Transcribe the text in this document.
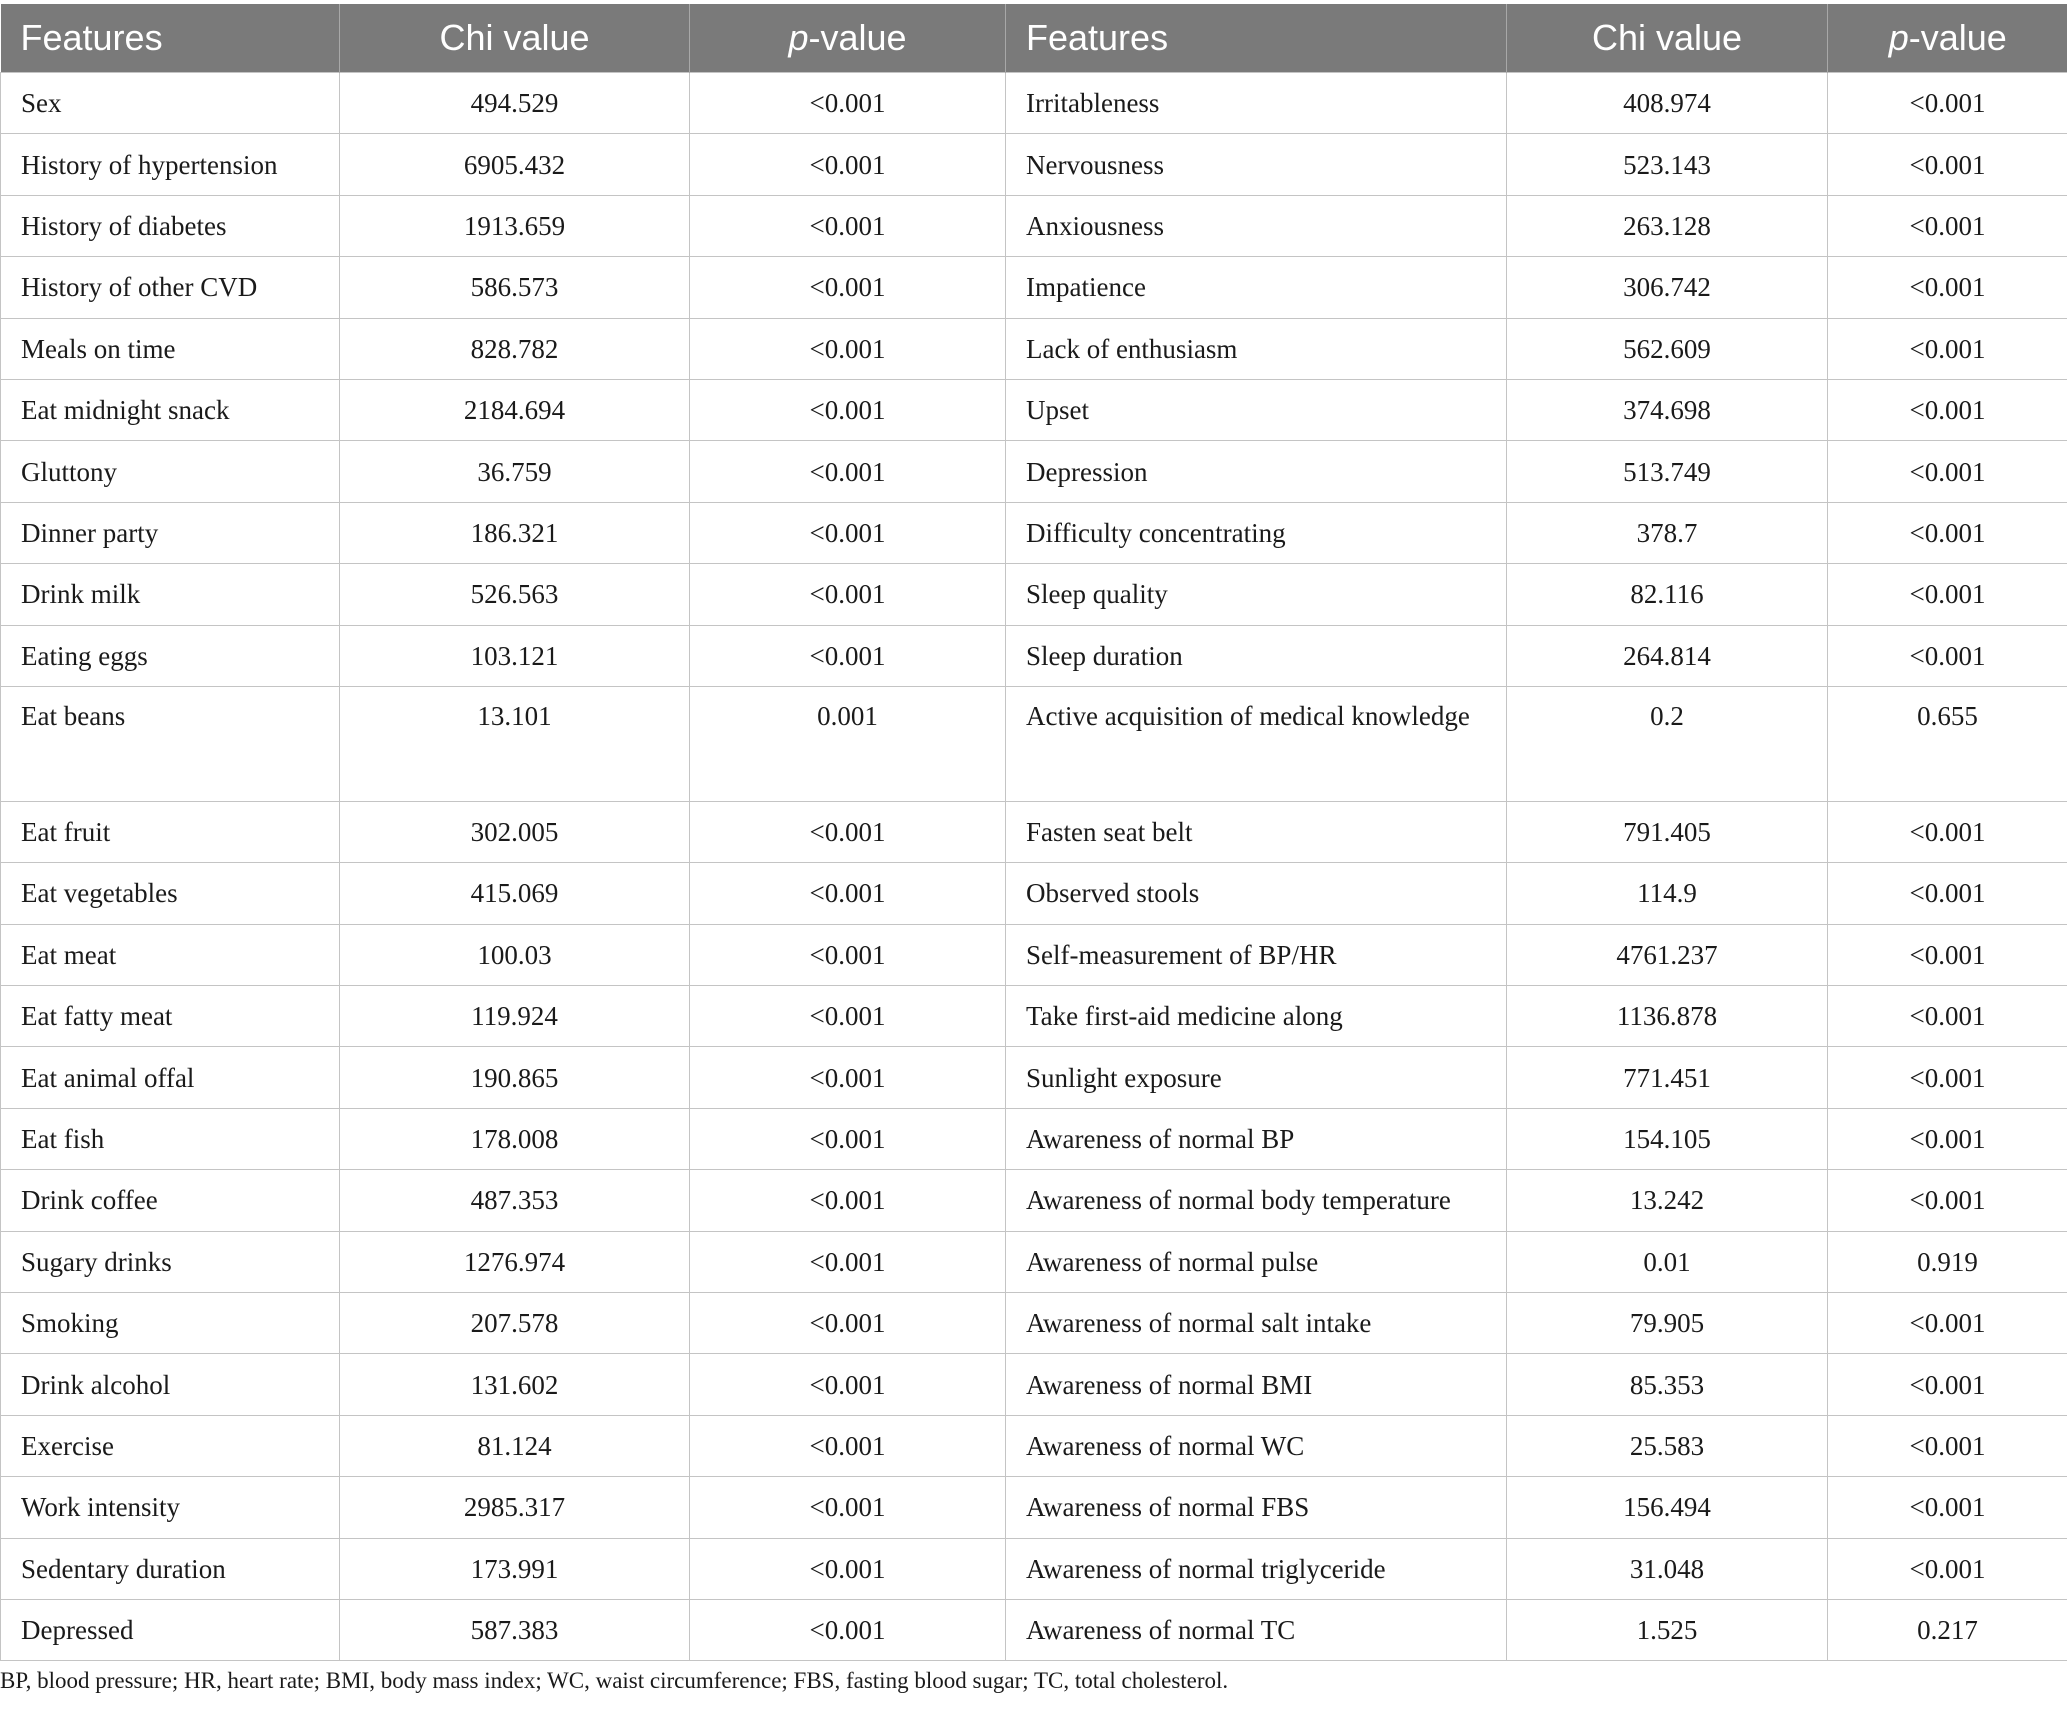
Features	Chi value	p-value	Features	Chi value	p-value
Sex	494.529	<0.001	Irritableness	408.974	<0.001
History of hypertension	6905.432	<0.001	Nervousness	523.143	<0.001
History of diabetes	1913.659	<0.001	Anxiousness	263.128	<0.001
History of other CVD	586.573	<0.001	Impatience	306.742	<0.001
Meals on time	828.782	<0.001	Lack of enthusiasm	562.609	<0.001
Eat midnight snack	2184.694	<0.001	Upset	374.698	<0.001
Gluttony	36.759	<0.001	Depression	513.749	<0.001
Dinner party	186.321	<0.001	Difficulty concentrating	378.7	<0.001
Drink milk	526.563	<0.001	Sleep quality	82.116	<0.001
Eating eggs	103.121	<0.001	Sleep duration	264.814	<0.001
Eat beans	13.101	0.001	Active acquisition of medical knowledge	0.2	0.655
Eat fruit	302.005	<0.001	Fasten seat belt	791.405	<0.001
Eat vegetables	415.069	<0.001	Observed stools	114.9	<0.001
Eat meat	100.03	<0.001	Self-measurement of BP/HR	4761.237	<0.001
Eat fatty meat	119.924	<0.001	Take first-aid medicine along	1136.878	<0.001
Eat animal offal	190.865	<0.001	Sunlight exposure	771.451	<0.001
Eat fish	178.008	<0.001	Awareness of normal BP	154.105	<0.001
Drink coffee	487.353	<0.001	Awareness of normal body temperature	13.242	<0.001
Sugary drinks	1276.974	<0.001	Awareness of normal pulse	0.01	0.919
Smoking	207.578	<0.001	Awareness of normal salt intake	79.905	<0.001
Drink alcohol	131.602	<0.001	Awareness of normal BMI	85.353	<0.001
Exercise	81.124	<0.001	Awareness of normal WC	25.583	<0.001
Work intensity	2985.317	<0.001	Awareness of normal FBS	156.494	<0.001
Sedentary duration	173.991	<0.001	Awareness of normal triglyceride	31.048	<0.001
Depressed	587.383	<0.001	Awareness of normal TC	1.525	0.217
BP, blood pressure; HR, heart rate; BMI, body mass index; WC, waist circumference; FBS, fasting blood sugar; TC, total cholesterol.
